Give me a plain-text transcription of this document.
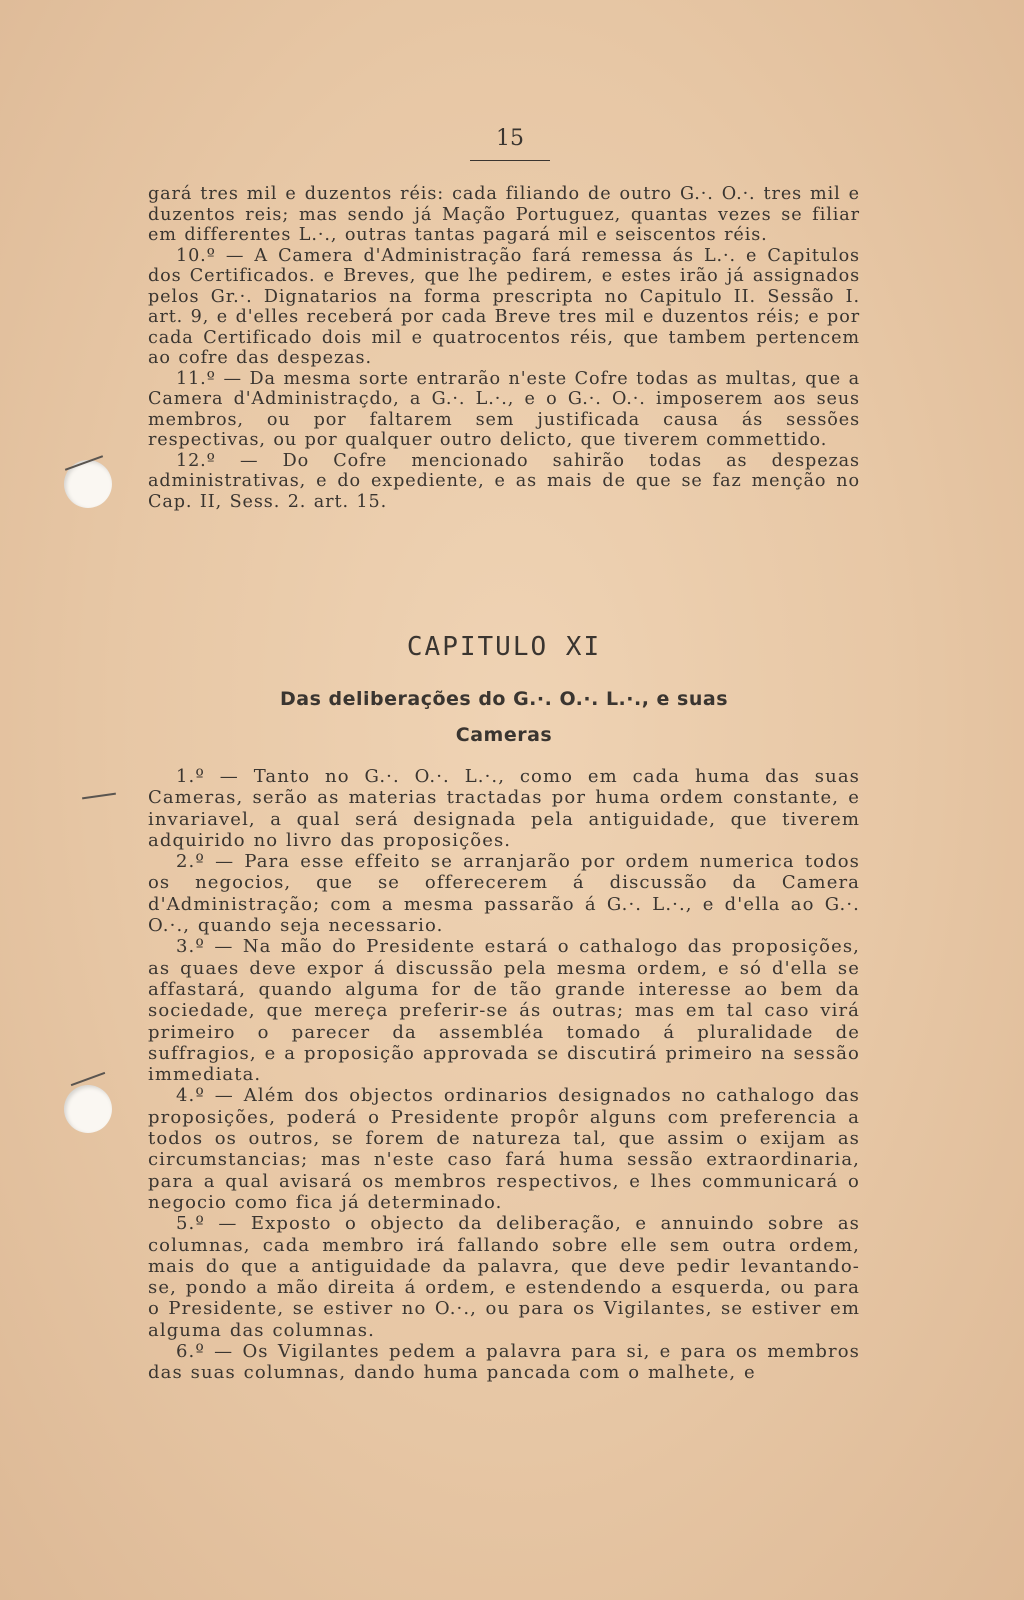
15

gará tres mil e duzentos réis: cada filiando de outro G.·. O.·. tres mil e duzentos reis; mas sendo já Mação Portuguez, quantas vezes se filiar em differentes L.·., outras tantas pagará mil e seiscentos réis.

10.º — A Camera d'Administração fará remessa ás L.·. e Capitulos dos Certificados. e Breves, que lhe pedirem, e estes irão já assignados pelos Gr.·. Dignatarios na forma prescripta no Capitulo II. Sessão I. art. 9, e d'elles receberá por cada Breve tres mil e duzentos réis; e por cada Certificado dois mil e quatrocentos réis, que tambem pertencem ao cofre das despezas.

11.º — Da mesma sorte entrarão n'este Cofre todas as multas, que a Camera d'Administraçdo, a G.·. L.·., e o G.·. O.·. imposerem aos seus membros, ou por faltarem sem justificada causa ás sessões respectivas, ou por qualquer outro delicto, que tiverem commettido.

12.º — Do Cofre mencionado sahirão todas as despezas administrativas, e do expediente, e as mais de que se faz menção no Cap. II, Sess. 2. art. 15.

CAPITULO XI
Das deliberações do G.·. O.·. L.·., e suas
Cameras

1.º — Tanto no G.·. O.·. L.·., como em cada huma das suas Cameras, serão as materias tractadas por huma ordem constante, e invariavel, a qual será designada pela antiguidade, que tiverem adquirido no livro das proposições.

2.º — Para esse effeito se arranjarão por ordem numerica todos os negocios, que se offerecerem á discussão da Camera d'Administração; com a mesma passarão á G.·. L.·., e d'ella ao G.·. O.·., quando seja necessario.

3.º — Na mão do Presidente estará o cathalogo das proposições, as quaes deve expor á discussão pela mesma ordem, e só d'ella se affastará, quando alguma for de tão grande interesse ao bem da sociedade, que mereça preferir-se ás outras; mas em tal caso virá primeiro o parecer da assembléa tomado á pluralidade de suffragios, e a proposição approvada se discutirá primeiro na sessão immediata.

4.º — Além dos objectos ordinarios designados no cathalogo das proposições, poderá o Presidente propôr alguns com preferencia a todos os outros, se forem de natureza tal, que assim o exijam as circumstancias; mas n'este caso fará huma sessão extraordinaria, para a qual avisará os membros respectivos, e lhes communicará o negocio como fica já determinado.

5.º — Exposto o objecto da deliberação, e annuindo sobre as columnas, cada membro irá fallando sobre elle sem outra ordem, mais do que a antiguidade da palavra, que deve pedir levantando-se, pondo a mão direita á ordem, e estendendo a esquerda, ou para o Presidente, se estiver no O.·., ou para os Vigilantes, se estiver em alguma das columnas.

6.º — Os Vigilantes pedem a palavra para si, e para os membros das suas columnas, dando huma pancada com o malhete, e
